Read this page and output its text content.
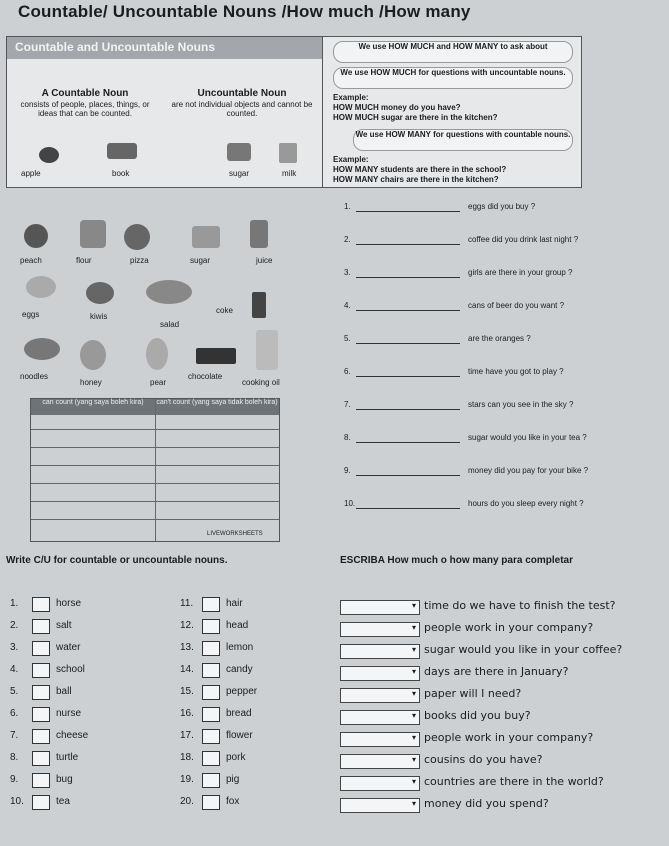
Countable/ Uncountable Nouns /How much /How many
Countable and Uncountable Nouns
A Countable Noun
consists of people, places, things, or ideas that can be counted.
Uncountable Noun
are not individual objects and cannot be counted.
apple	book	sugar	milk
We use HOW MUCH and HOW MANY to ask about
We use HOW MUCH for questions with uncountable nouns.
Example:
HOW MUCH money do you have?
HOW MUCH sugar are there in the kitchen?
We use HOW MANY for questions with countable nouns.
Example:
HOW MANY students are there in the school?
HOW MANY chairs are there in the kitchen?
peach	flour	pizza	sugar	juice
eggs	kiwis
coke
salad
noodles
honey	pear
chocolate
cooking oil
can count (yang saya boleh kira)	can't count (yang saya tidak boleh kira)
LIVEWORKSHEETS
1.	eggs did you buy ?
2.	coffee did you drink last night ?
3.	girls are there in your group ?
4.	cans of beer do you want ?
5.	are the oranges ?
6.	time have you got to play ?
7.	stars can you see in the sky ?
8.	sugar would you like in your tea ?
9.	money did you pay for your bike ?
10.	hours do you sleep every night ?
Write C/U for countable or uncountable nouns.	ESCRIBA How much o how many para completar
1.	horse
2.	salt
3.	water
4.	school
5.	ball
6.	nurse
7.	cheese
8.	turtle
9.	bug
10.	tea
11.	hair
12.	head
13.	lemon
14.	candy
15.	pepper
16.	bread
17.	flower
18.	pork
19.	pig
20.	fox
▾ time do we have to finish the test?
▾ people work in your company?
▾ sugar would you like in your coffee?
▾ days are there in January?
▾ paper will I need?
▾ books did you buy?
▾ people work in your company?
▾ cousins do you have?
▾ countries are there in the world?
▾ money did you spend?
